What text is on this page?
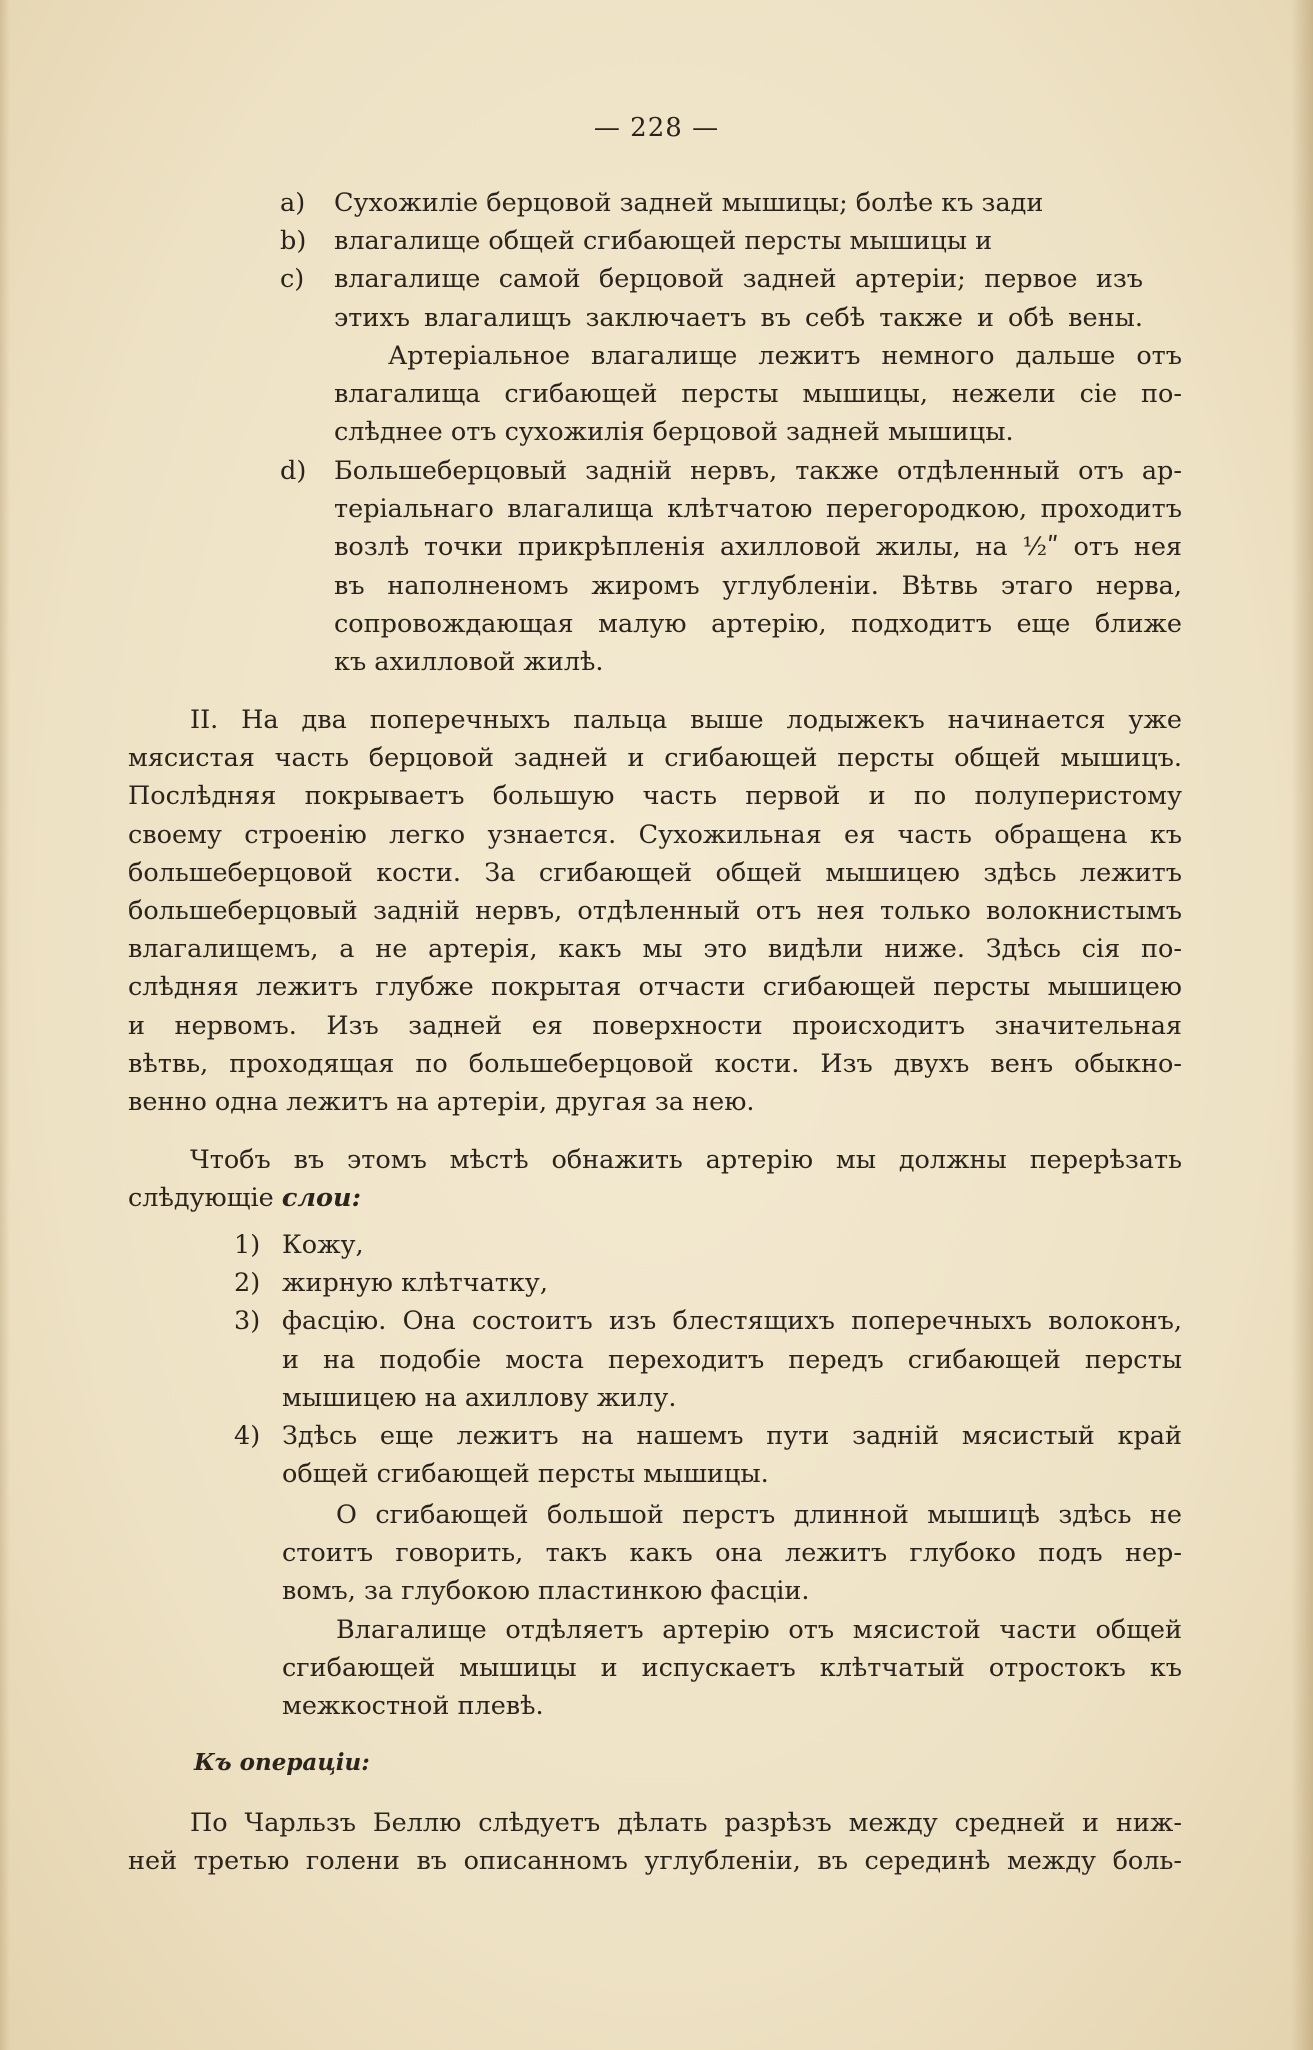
— 228 —
a) Сухожиліе берцовой задней мышицы; болѣе къ зади
b) влагалище общей сгибающей персты мышицы и
c) влагалище самой берцовой задней артеріи; первое изъ
этихъ влагалищъ заключаетъ въ себѣ также и обѣ вены.
Артеріальное влагалище лежитъ немного дальше отъ
влагалища сгибающей персты мышицы, нежели сіе по-
слѣднее отъ сухожилія берцовой задней мышицы.
d) Большеберцовый задній нервъ, также отдѣленный отъ ар-
теріальнаго влагалища клѣтчатою перегородкою, проходитъ
возлѣ точки прикрѣпленія ахилловой жилы, на ½ʺ отъ нея
въ наполненомъ жиромъ углубленіи. Вѣтвь этаго нерва,
сопровождающая малую артерію, подходитъ еще ближе
къ ахилловой жилѣ.
II. На два поперечныхъ пальца выше лодыжекъ начинается уже
мясистая часть берцовой задней и сгибающей персты общей мышицъ.
Послѣдняя покрываетъ большую часть первой и по полуперистому
своему строенію легко узнается. Сухожильная ея часть обращена къ
большеберцовой кости. За сгибающей общей мышицею здѣсь лежитъ
большеберцовый задній нервъ, отдѣленный отъ нея только волокнистымъ
влагалищемъ, а не артерія, какъ мы это видѣли ниже. Здѣсь сія по-
слѣдняя лежитъ глубже покрытая отчасти сгибающей персты мышицею
и нервомъ. Изъ задней ея поверхности происходитъ значительная
вѣтвь, проходящая по большеберцовой кости. Изъ двухъ венъ обыкно-
венно одна лежитъ на артеріи, другая за нею.
Чтобъ въ этомъ мѣстѣ обнажить артерію мы должны перерѣзать
слѣдующіе слои:
1) Кожу,
2) жирную клѣтчатку,
3) фасцію. Она состоитъ изъ блестящихъ поперечныхъ волоконъ,
и на подобіе моста переходитъ передъ сгибающей персты
мышицею на ахиллову жилу.
4) Здѣсь еще лежитъ на нашемъ пути задній мясистый край
общей сгибающей персты мышицы.
О сгибающей большой перстъ длинной мышицѣ здѣсь не
стоитъ говорить, такъ какъ она лежитъ глубоко подъ нер-
вомъ, за глубокою пластинкою фасціи.
Влагалище отдѣляетъ артерію отъ мясистой части общей
сгибающей мышицы и испускаетъ клѣтчатый отростокъ къ
межкостной плевѣ.
Къ операціи:
По Чарльзъ Беллю слѣдуетъ дѣлать разрѣзъ между средней и ниж-
ней третью голени въ описанномъ углубленіи, въ серединѣ между боль-
